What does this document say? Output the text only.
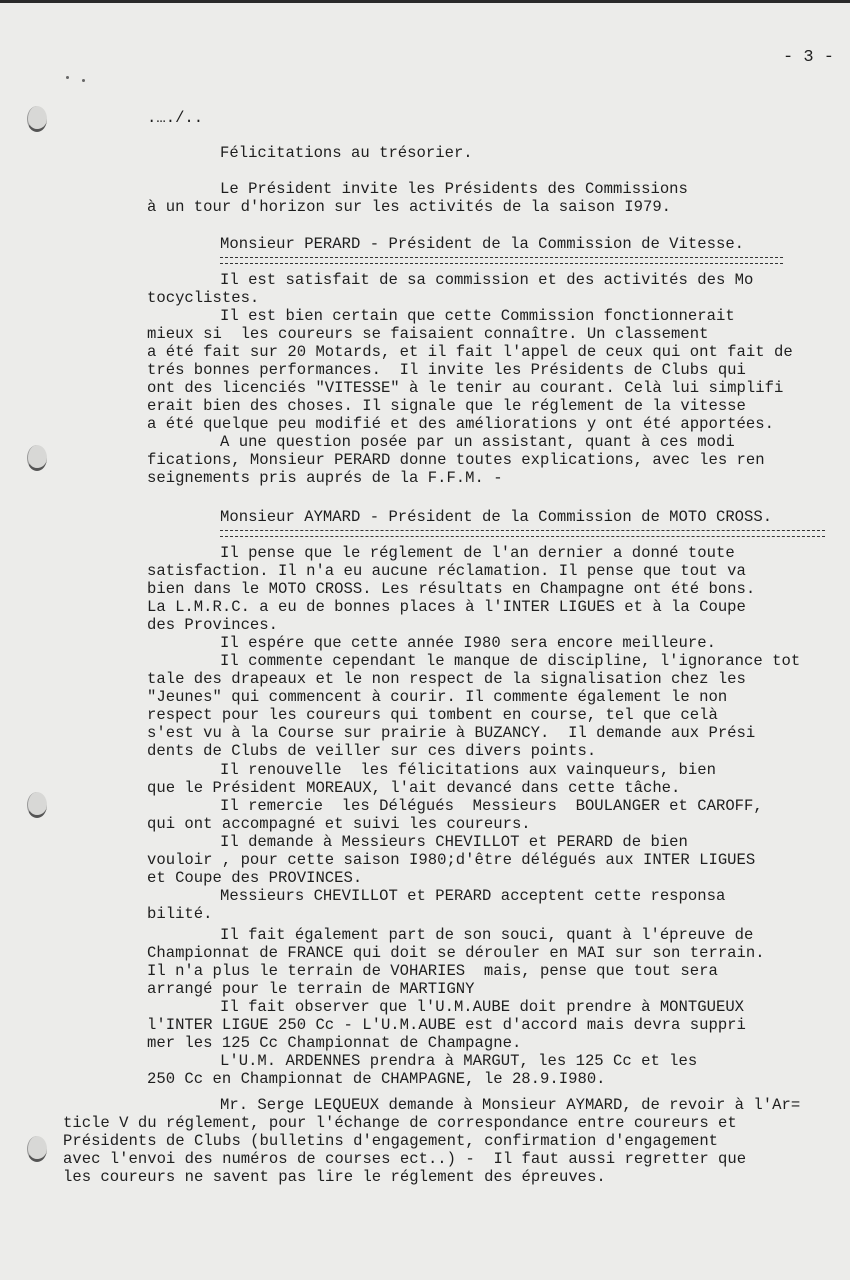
- 3 -
.…./..
Félicitations au trésorier.
Le Président invite les Présidents des Commissions
à un tour d'horizon sur les activités de la saison I979.
Monsieur PERARD - Président de la Commission de Vitesse.
Il est satisfait de sa commission et des activités des Mo
tocyclistes.
Il est bien certain que cette Commission fonctionnerait
mieux si  les coureurs se faisaient connaître. Un classement
a été fait sur 20 Motards, et il fait l'appel de ceux qui ont fait de
trés bonnes performances.  Il invite les Présidents de Clubs qui
ont des licenciés "VITESSE" à le tenir au courant. Celà lui simplifi
erait bien des choses. Il signale que le réglement de la vitesse
a été quelque peu modifié et des améliorations y ont été apportées.
A une question posée par un assistant, quant à ces modi
fications, Monsieur PERARD donne toutes explications, avec les ren
seignements pris auprés de la F.F.M. -
Monsieur AYMARD - Président de la Commission de MOTO CROSS.
Il pense que le réglement de l'an dernier a donné toute
satisfaction. Il n'a eu aucune réclamation. Il pense que tout va
bien dans le MOTO CROSS. Les résultats en Champagne ont été bons.
La L.M.R.C. a eu de bonnes places à l'INTER LIGUES et à la Coupe
des Provinces.
Il espére que cette année I980 sera encore meilleure.
Il commente cependant le manque de discipline, l'ignorance tot
tale des drapeaux et le non respect de la signalisation chez les
"Jeunes" qui commencent à courir. Il commente également le non
respect pour les coureurs qui tombent en course, tel que celà
s'est vu à la Course sur prairie à BUZANCY.  Il demande aux Prési
dents de Clubs de veiller sur ces divers points.
Il renouvelle  les félicitations aux vainqueurs, bien
que le Président MOREAUX, l'ait devancé dans cette tâche.
Il remercie  les Délégués  Messieurs  BOULANGER et CAROFF,
qui ont accompagné et suivi les coureurs.
Il demande à Messieurs CHEVILLOT et PERARD de bien
vouloir , pour cette saison I980;d'être délégués aux INTER LIGUES
et Coupe des PROVINCES.
Messieurs CHEVILLOT et PERARD acceptent cette responsa
bilité.
Il fait également part de son souci, quant à l'épreuve de
Championnat de FRANCE qui doit se dérouler en MAI sur son terrain.
Il n'a plus le terrain de VOHARIES  mais, pense que tout sera
arrangé pour le terrain de MARTIGNY
Il fait observer que l'U.M.AUBE doit prendre à MONTGUEUX
l'INTER LIGUE 250 Cc - L'U.M.AUBE est d'accord mais devra suppri
mer les 125 Cc Championnat de Champagne.
L'U.M. ARDENNES prendra à MARGUT, les 125 Cc et les
250 Cc en Championnat de CHAMPAGNE, le 28.9.I980.
Mr. Serge LEQUEUX demande à Monsieur AYMARD, de revoir à l'Ar=
ticle V du réglement, pour l'échange de correspondance entre coureurs et
Présidents de Clubs (bulletins d'engagement, confirmation d'engagement
avec l'envoi des numéros de courses ect..) -  Il faut aussi regretter que
les coureurs ne savent pas lire le réglement des épreuves.
